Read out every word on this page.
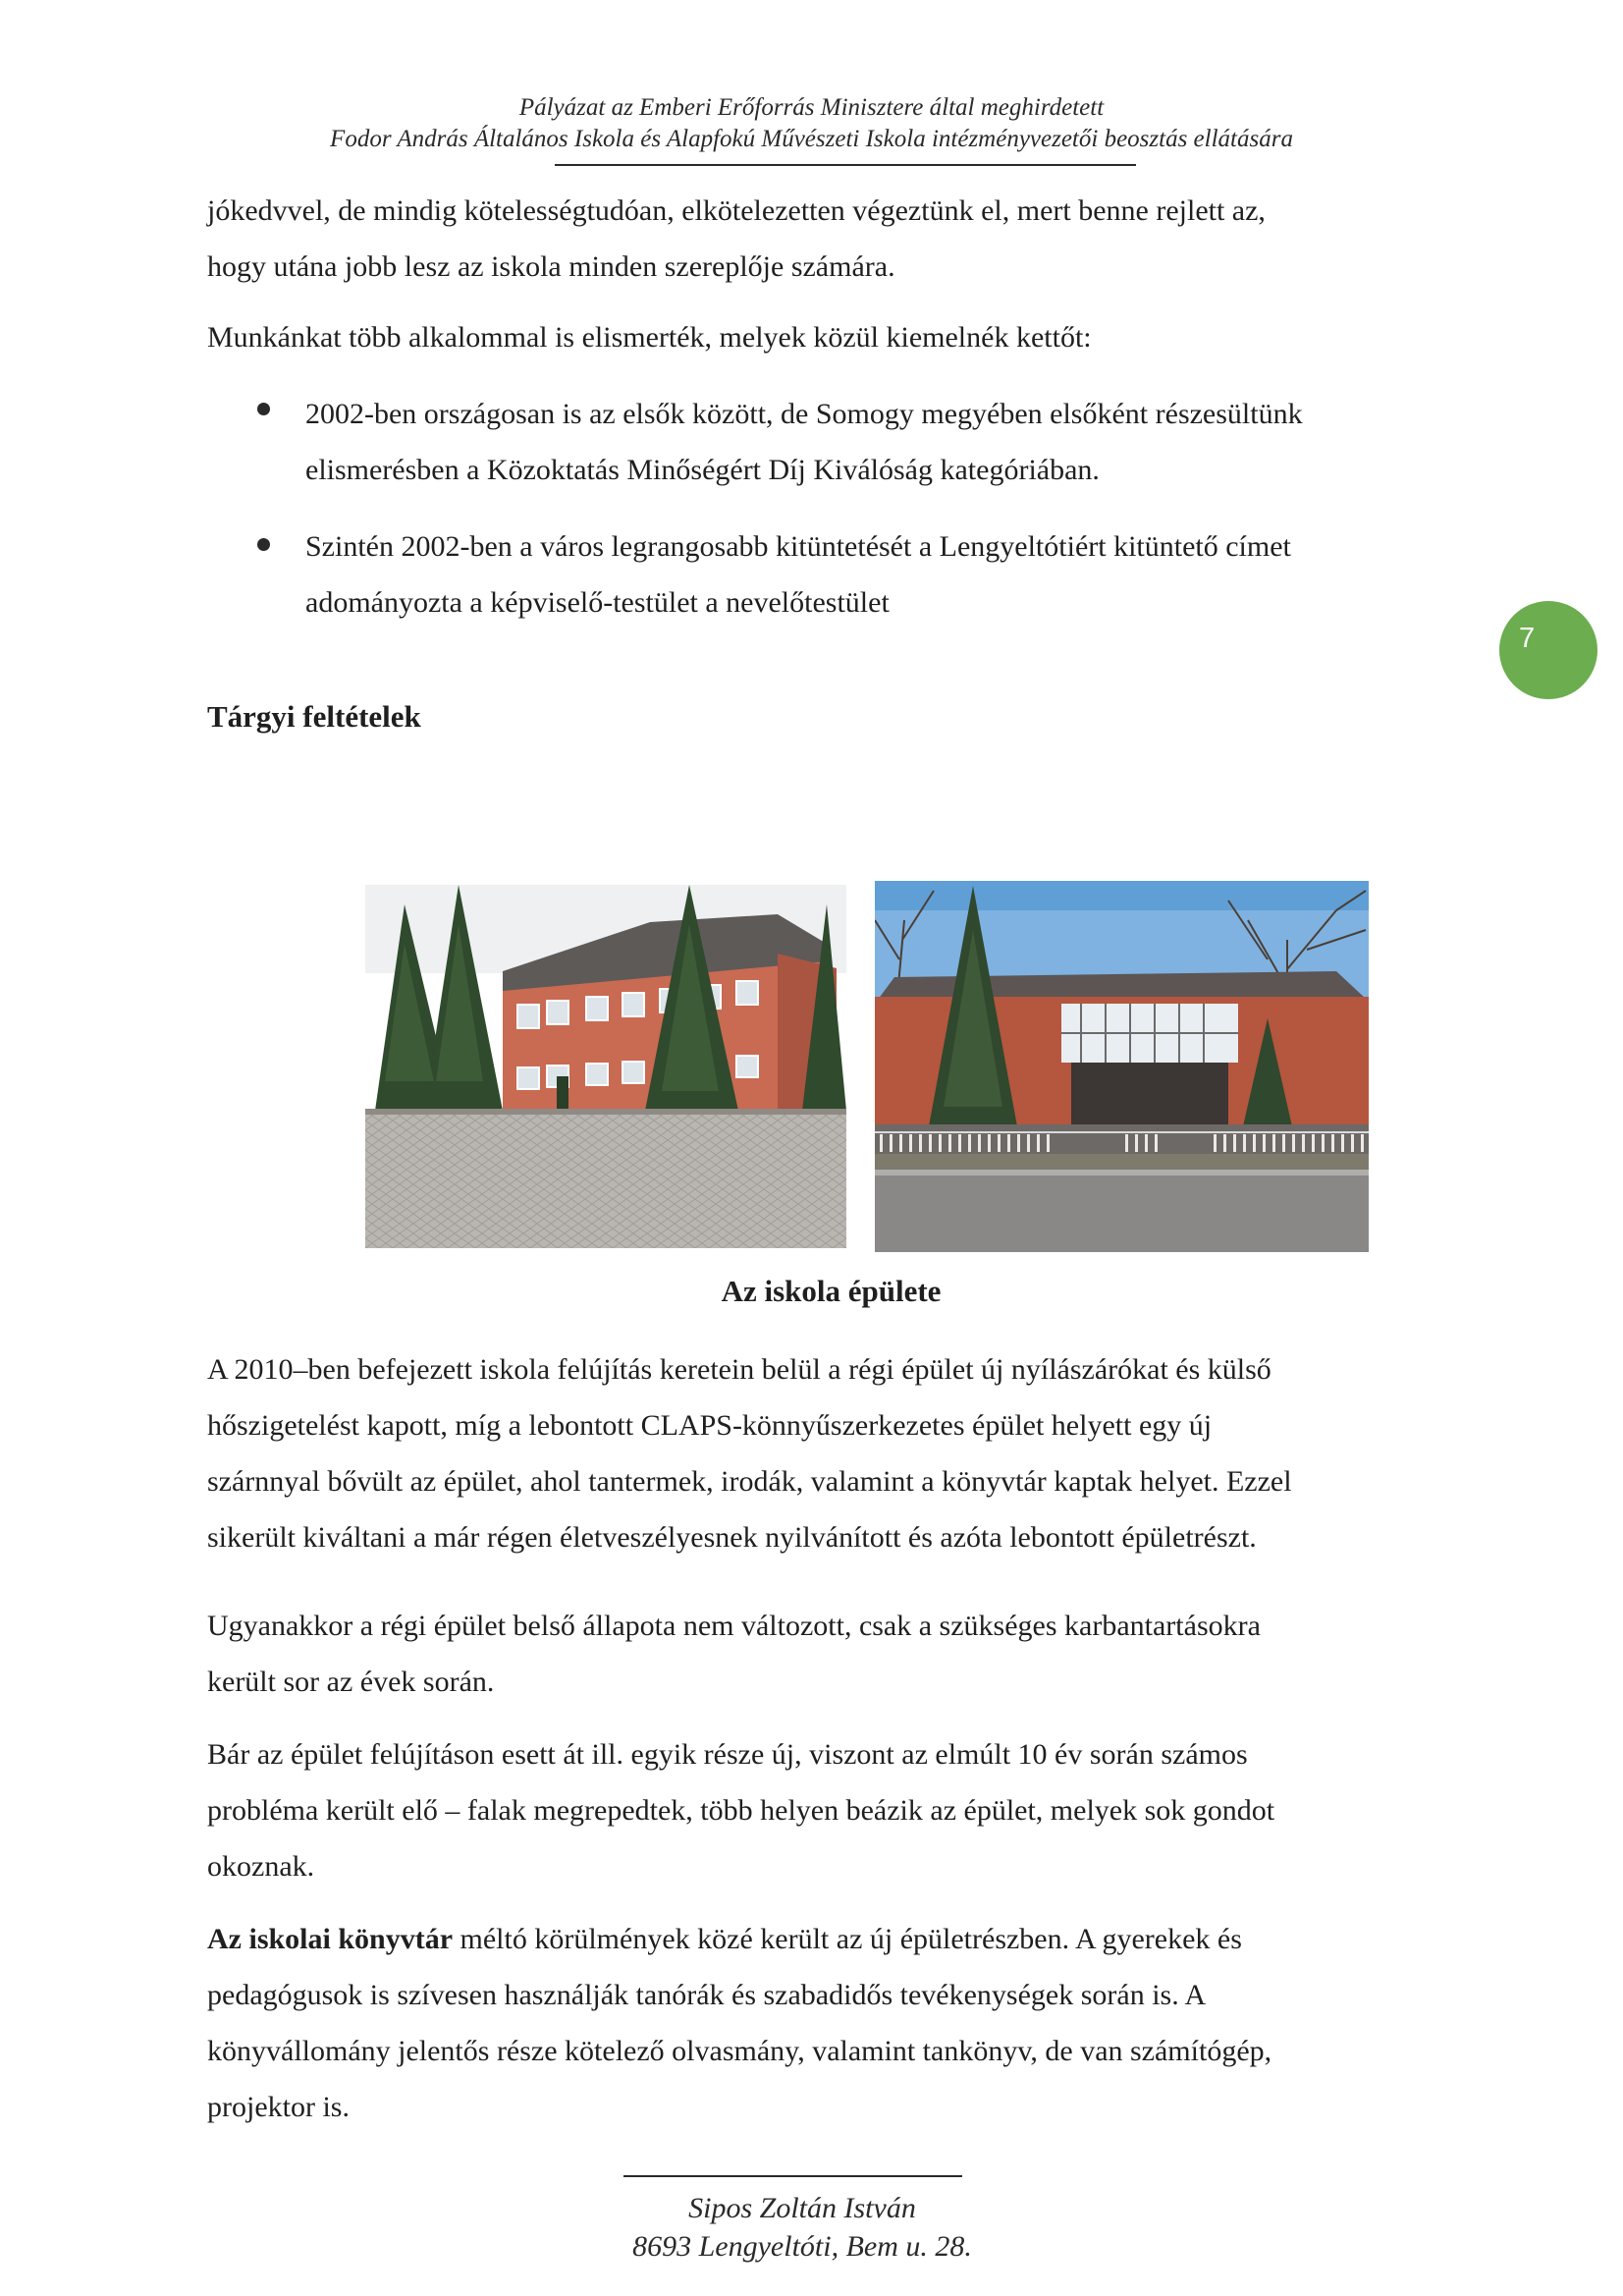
Pályázat az Emberi Erőforrás Minisztere által meghirdetett
Fodor András Általános Iskola és Alapfokú Művészeti Iskola intézményvezetői beosztás ellátására
jókedvvel, de mindig kötelességtudóan, elkötelezetten végeztünk el, mert benne rejlett az,
hogy utána jobb lesz az iskola minden szereplője számára.
Munkánkat több alkalommal is elismerték, melyek közül kiemelnék kettőt:
2002-ben országosan is az elsők között, de Somogy megyében elsőként részesültünk
elismerésben a Közoktatás Minőségért Díj Kiválóság kategóriában.
Szintén 2002-ben a város legrangosabb kitüntetését a Lengyeltótiért kitüntető címet
adományozta a képviselő-testület a nevelőtestület
7
Tárgyi feltételek
Az iskola épülete
A 2010–ben befejezett iskola felújítás keretein belül a régi épület új nyílászárókat és külső
hőszigetelést kapott, míg a lebontott CLAPS-könnyűszerkezetes épület helyett egy új
szárnnyal bővült az épület, ahol tantermek, irodák, valamint a könyvtár kaptak helyet. Ezzel
sikerült kiváltani a már régen életveszélyesnek nyilvánított és azóta lebontott épületrészt.
Ugyanakkor a régi épület belső állapota nem változott, csak a szükséges karbantartásokra
került sor az évek során.
Bár az épület felújításon esett át ill. egyik része új, viszont az elmúlt 10 év során számos
probléma került elő – falak megrepedtek, több helyen beázik az épület, melyek sok gondot
okoznak.
Az iskolai könyvtár méltó körülmények közé került az új épületrészben. A gyerekek és
pedagógusok is szívesen használják tanórák és szabadidős tevékenységek során is. A
könyvállomány jelentős része kötelező olvasmány, valamint tankönyv, de van számítógép,
projektor is.
Sipos Zoltán István
8693 Lengyeltóti, Bem u. 28.
